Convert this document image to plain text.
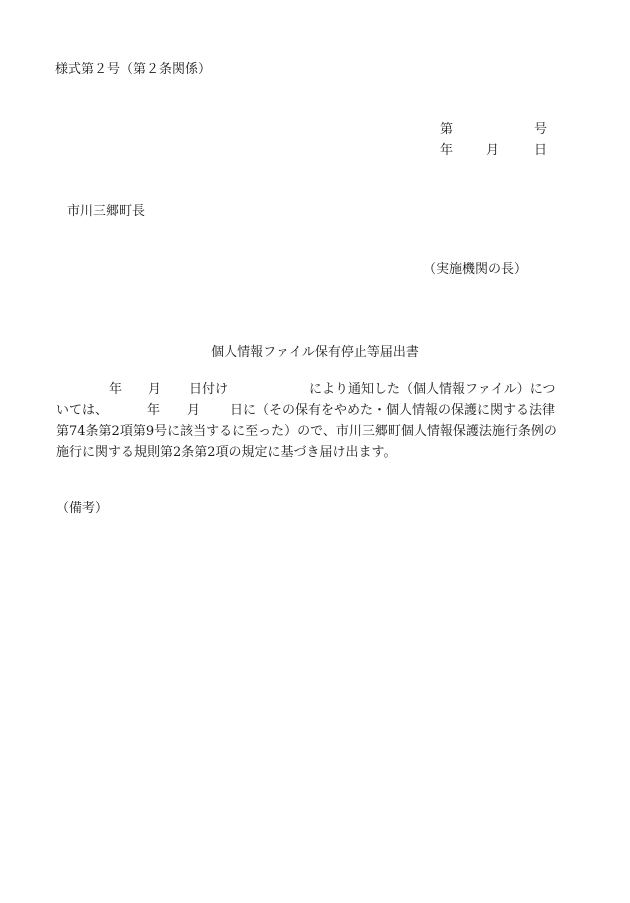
様式第２号（第２条関係）
第	号
年	月	日
市川三郷町長
（実施機関の長）
個人情報ファイル保有停止等届出書
年 月 日付け	により通知した（個人情報ファイル）につ
いては、	年 月 日に（その保有をやめた・個人情報の保護に関する法律
第74条第2項第9号に該当するに至った）ので、市川三郷町個人情報保護法施行条例の
施行に関する規則第2条第2項の規定に基づき届け出ます。
（備考）
